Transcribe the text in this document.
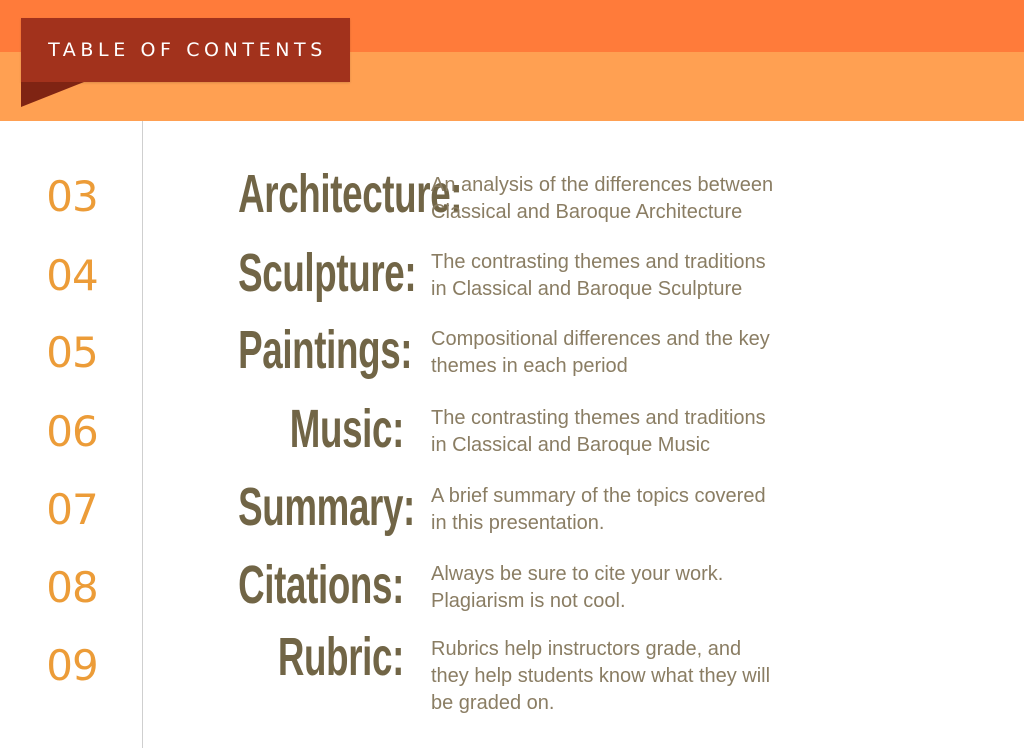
TABLE OF CONTENTS
03	Architecture:
An analysis of the differences between
Classical and Baroque Architecture
04	Sculpture: The contrasting themes and traditions
in Classical and Baroque Sculpture
05	Paintings: Compositional differences and the key
themes in each period
06	Music: The contrasting themes and traditions
in Classical and Baroque Music
07	Summary: A brief summary of the topics covered
in this presentation.
08	Citations: Always be sure to cite your work.
Plagiarism is not cool.
09	Rubric: Rubrics help instructors grade, and
they help students know what they will
be graded on.
